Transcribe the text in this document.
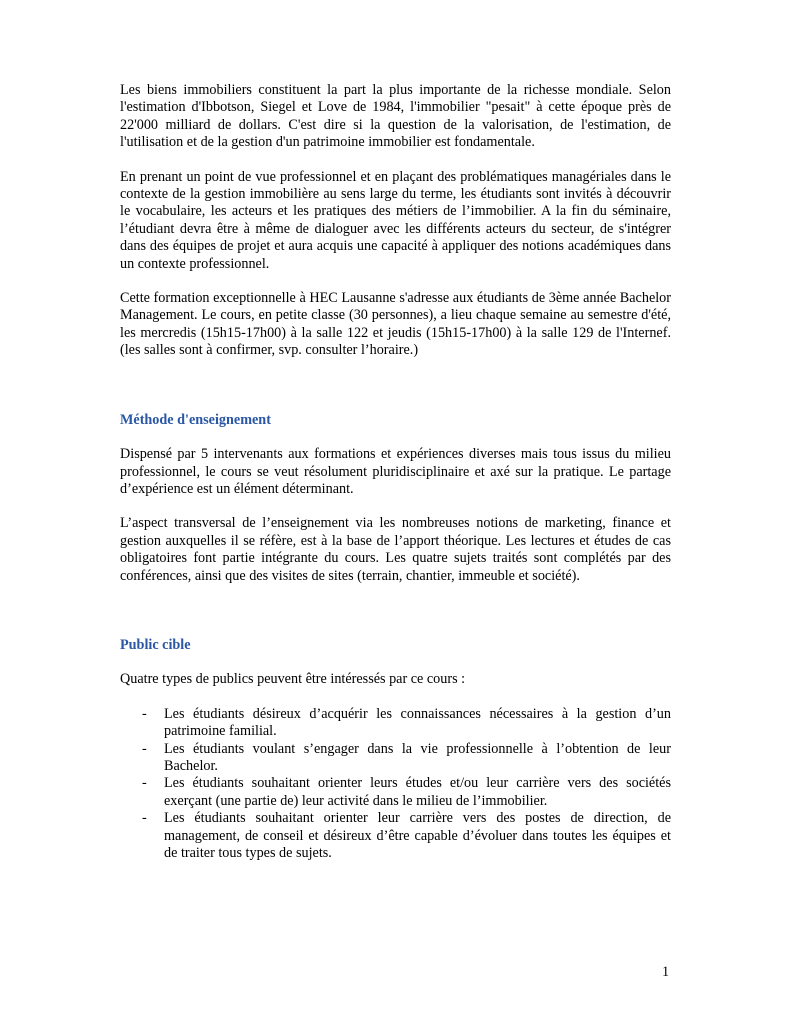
Les biens immobiliers constituent la part la plus importante de la richesse mondiale. Selon l'estimation d'Ibbotson, Siegel et Love de 1984, l'immobilier "pesait" à cette époque près de 22'000 milliard de dollars. C'est dire si la question de la valorisation, de l'estimation, de l'utilisation et de la gestion d'un patrimoine immobilier est fondamentale.

En prenant un point de vue professionnel et en plaçant des problématiques managériales dans le contexte de la gestion immobilière au sens large du terme, les étudiants sont invités à découvrir le vocabulaire, les acteurs et les pratiques des métiers de l’immobilier. A la fin du séminaire, l’étudiant devra être à même de dialoguer avec les différents acteurs du secteur, de s'intégrer dans des équipes de projet et aura acquis une capacité à appliquer des notions académiques dans un contexte professionnel.

Cette formation exceptionnelle à HEC Lausanne s'adresse aux étudiants de 3ème année Bachelor Management. Le cours, en petite classe (30 personnes), a lieu chaque semaine au semestre d'été, les mercredis (15h15-17h00) à la salle 122 et jeudis (15h15-17h00) à la salle 129 de l'Internef. (les salles sont à confirmer, svp. consulter l’horaire.)

Méthode d'enseignement

Dispensé par 5 intervenants aux formations et expériences diverses mais tous issus du milieu professionnel, le cours se veut résolument pluridisciplinaire et axé sur la pratique. Le partage d’expérience est un élément déterminant.

L’aspect transversal de l’enseignement via les nombreuses notions de marketing, finance et gestion auxquelles il se réfère, est à la base de l’apport théorique. Les lectures et études de cas obligatoires font partie intégrante du cours. Les quatre sujets traités sont complétés par des conférences, ainsi que des visites de sites (terrain, chantier, immeuble et société).

Public cible

Quatre types de publics peuvent être intéressés par ce cours :

- Les étudiants désireux d’acquérir les connaissances nécessaires à la gestion d’un patrimoine familial.
- Les étudiants voulant s’engager dans la vie professionnelle à l’obtention de leur Bachelor.
- Les étudiants souhaitant orienter leurs études et/ou leur carrière vers des sociétés exerçant (une partie de) leur activité dans le milieu de l’immobilier.
- Les étudiants souhaitant orienter leur carrière vers des postes de direction, de management, de conseil et désireux d’être capable d’évoluer dans toutes les équipes et de traiter tous types de sujets.
1
